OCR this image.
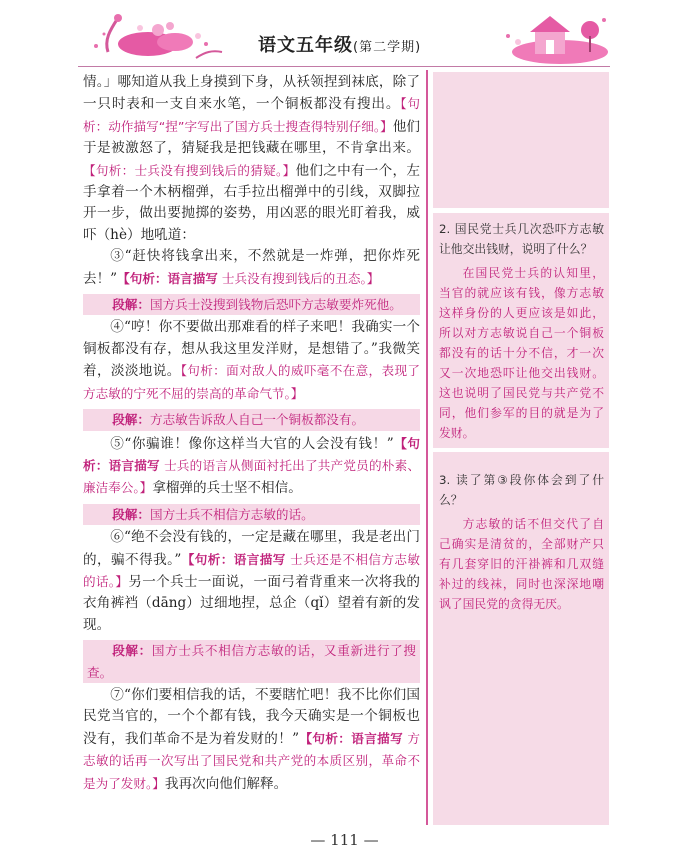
语文五年级(第二学期)

情。」哪知道从我上身摸到下身，从袄领捏到袜底，除了一只时表和一支自来水笔，一个铜板都没有搜出。【句析：动作描写“捏”字写出了国方兵士搜查得特别仔细。】他们于是被激怒了，猜疑我是把钱藏在哪里，不肯拿出来。【句析：士兵没有搜到钱后的猜疑。】他们之中有一个，左手拿着一个木柄榴弹，右手拉出榴弹中的引线，双脚拉开一步，做出要抛掷的姿势，用凶恶的眼光盯着我，威吓（hè）地吼道：

③“赶快将钱拿出来，不然就是一炸弹，把你炸死去！”【句析：语言描写 士兵没有搜到钱后的丑态。】

段解：国方兵士没搜到钱物后恐吓方志敏要炸死他。

④“哼！你不要做出那难看的样子来吧！我确实一个铜板都没有存，想从我这里发洋财，是想错了。”我微笑着，淡淡地说。【句析：面对敌人的威吓毫不在意，表现了方志敏的宁死不屈的崇高的革命气节。】

段解：方志敏告诉敌人自己一个铜板都没有。

⑤“你骗谁！像你这样当大官的人会没有钱！”【句析：语言描写 士兵的语言从侧面衬托出了共产党员的朴素、廉洁奉公。】拿榴弹的兵士坚不相信。

段解：国方士兵不相信方志敏的话。

⑥“绝不会没有钱的，一定是藏在哪里，我是老出门的，骗不得我。”【句析：语言描写 士兵还是不相信方志敏的话。】另一个兵士一面说，一面弓着背重来一次将我的衣角裤裆（dāng）过细地捏，总企（qǐ）望着有新的发现。

段解：国方士兵不相信方志敏的话，又重新进行了搜查。

⑦“你们要相信我的话，不要瞎忙吧！我不比你们国民党当官的，一个个都有钱，我今天确实是一个铜板也没有，我们革命不是为着发财的！”【句析：语言描写 方志敏的话再一次写出了国民党和共产党的本质区别，革命不是为了发财。】我再次向他们解释。

2. 国民党士兵几次恐吓方志敏让他交出钱财，说明了什么？
在国民党士兵的认知里，当官的就应该有钱，像方志敏这样身份的人更应该是如此，所以对方志敏说自己一个铜板都没有的话十分不信，才一次又一次地恐吓让他交出钱财。这也说明了国民党与共产党不同，他们参军的目的就是为了发财。
3. 读了第③段你体会到了什么？
方志敏的话不但交代了自己确实是清贫的，全部财产只有几套穿旧的汗褂裤和几双缝补过的线袜，同时也深深地嘲讽了国民党的贪得无厌。
— 111 —
